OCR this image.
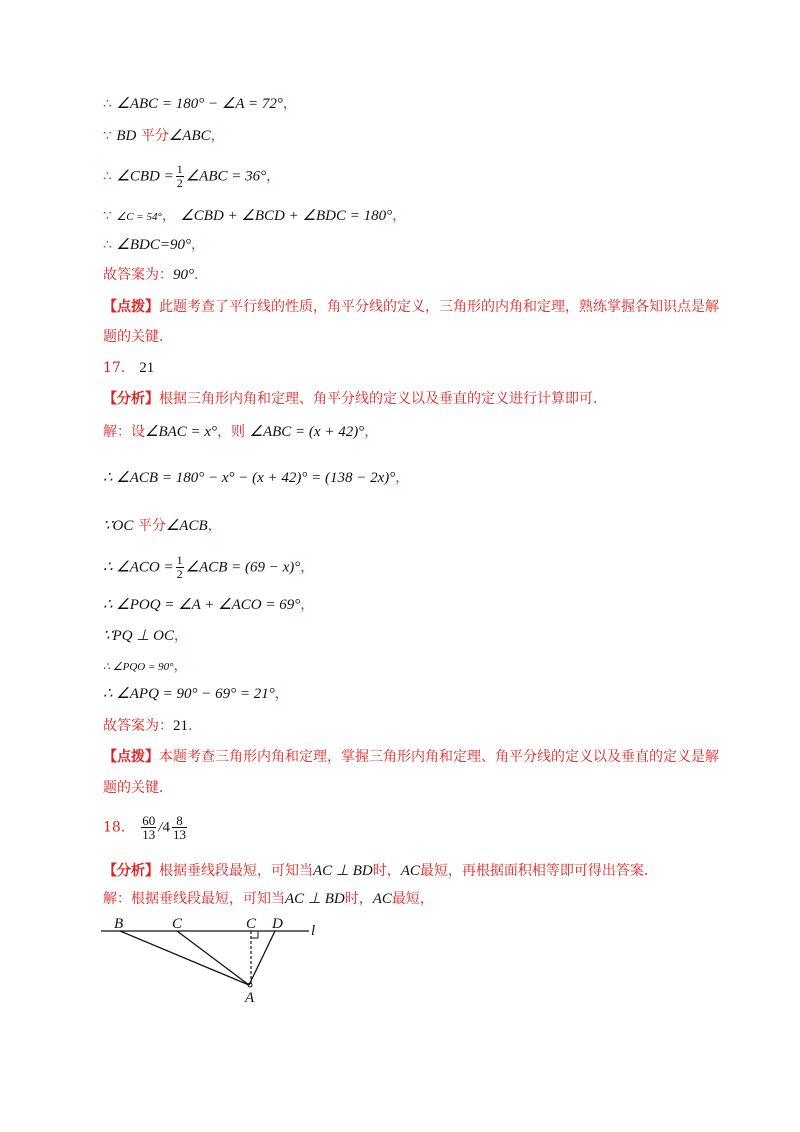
∴ ∠ABC = 180° − ∠A = 72°，
∵ BD 平分∠ABC，
∴ ∠CBD = $\frac{1}{2}$ ∠ABC = 36°，
∵ ∠C = 54°， ∠CBD + ∠BCD + ∠BDC = 180°，
∴ ∠BDC=90°，
故答案为：90°．
【点拨】此题考查了平行线的性质，角平分线的定义，三角形的内角和定理，熟练掌握各知识点是解
题的关键．
17． 21
【分析】根据三角形内角和定理、角平分线的定义以及垂直的定义进行计算即可．
解：设∠BAC = x°，则 ∠ABC = (x + 42)°，
∴ ∠ACB = 180° − x° − (x + 42)° = (138 − 2x)°，
∵OC 平分∠ACB，
∴ ∠ACO = $\frac{1}{2}$ ∠ACB = (69 − x)°，
∴ ∠POQ = ∠A + ∠ACO = 69°，
∵PQ ⊥ OC，
∴ ∠PQO = 90°，
∴ ∠APQ = 90° − 69° = 21°，
故答案为：21．
【点拨】本题考查三角形内角和定理，掌握三角形内角和定理、角平分线的定义以及垂直的定义是解
题的关键．
18． $\frac{60}{13} /4 \frac{8}{13}$
【分析】根据垂线段最短，可知当AC ⊥ BD时，AC最短，再根据面积相等即可得出答案．
解：根据垂线段最短，可知当AC ⊥ BD时，AC最短，
B	C	C D l
A
